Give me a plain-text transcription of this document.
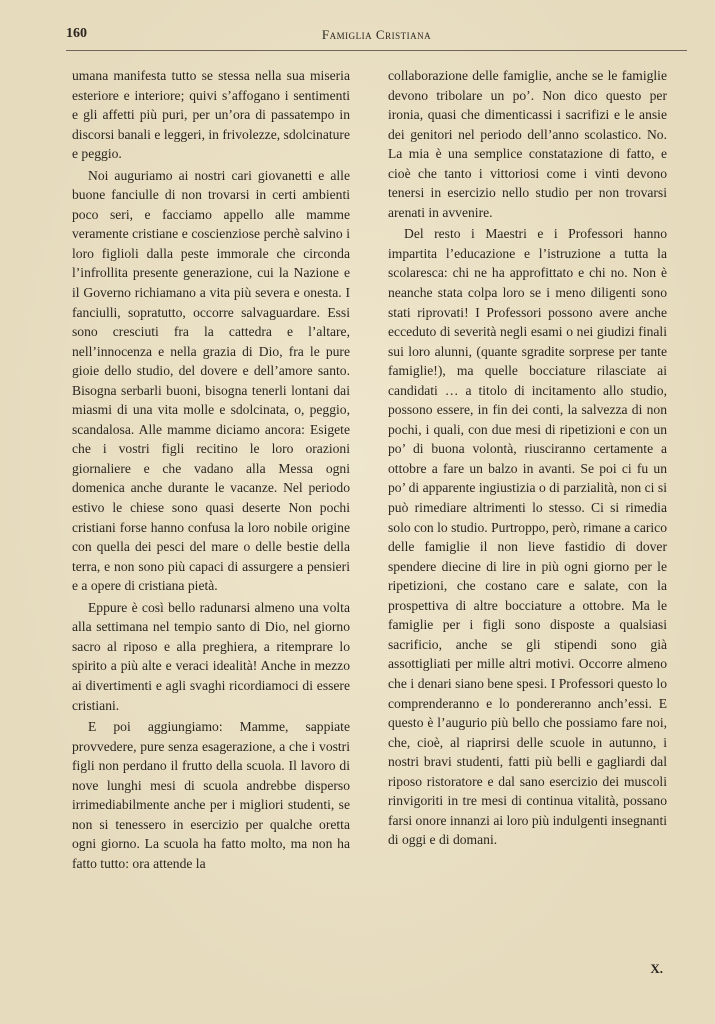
160	Famiglia Cristiana

umana manifesta tutto se stessa nella sua miseria esteriore e interiore; quivi s’affogano i sentimenti e gli affetti più puri, per un’ora di passatempo in discorsi banali e leggeri, in frivolezze, sdolcinature e peggio.

Noi auguriamo ai nostri cari giovanetti e alle buone fanciulle di non trovarsi in certi ambienti poco seri, e facciamo appello alle mamme veramente cristiane e coscienziose perchè salvino i loro figlioli dalla peste immorale che circonda l’infrollita presente generazione, cui la Nazione e il Governo richiamano a vita più severa e onesta. I fanciulli, sopratutto, occorre salvaguardare. Essi sono cresciuti fra la cattedra e l’altare, nell’innocenza e nella grazia di Dio, fra le pure gioie dello studio, del dovere e dell’amore santo. Bisogna serbarli buoni, bisogna tenerli lontani dai miasmi di una vita molle e sdolcinata, o, peggio, scandalosa. Alle mamme diciamo ancora: Esigete che i vostri figli recitino le loro orazioni giornaliere e che vadano alla Messa ogni domenica anche durante le vacanze. Nel periodo estivo le chiese sono quasi deserte Non pochi cristiani forse hanno confusa la loro nobile origine con quella dei pesci del mare o delle bestie della terra, e non sono più capaci di assurgere a pensieri e a opere di cristiana pietà.

Eppure è così bello radunarsi almeno una volta alla settimana nel tempio santo di Dio, nel giorno sacro al riposo e alla preghiera, a ritemprare lo spirito a più alte e veraci idealità! Anche in mezzo ai divertimenti e agli svaghi ricordiamoci di essere cristiani.

E poi aggiungiamo: Mamme, sappiate provvedere, pure senza esagerazione, a che i vostri figli non perdano il frutto della scuola. Il lavoro di nove lunghi mesi di scuola andrebbe disperso irrimediabilmente anche per i migliori studenti, se non si tenessero in esercizio per qualche oretta ogni giorno. La scuola ha fatto molto, ma non ha fatto tutto: ora attende la

collaborazione delle famiglie, anche se le famiglie devono tribolare un po’. Non dico questo per ironia, quasi che dimenticassi i sacrifizi e le ansie dei genitori nel periodo dell’anno scolastico. No. La mia è una semplice constatazione di fatto, e cioè che tanto i vittoriosi come i vinti devono tenersi in esercizio nello studio per non trovarsi arenati in avvenire.

Del resto i Maestri e i Professori hanno impartita l’educazione e l’istruzione a tutta la scolaresca: chi ne ha approfittato e chi no. Non è neanche stata colpa loro se i meno diligenti sono stati riprovati! I Professori possono avere anche ecceduto di severità negli esami o nei giudizi finali sui loro alunni, (quante sgradite sorprese per tante famiglie!), ma quelle bocciature rilasciate ai candidati … a titolo di incitamento allo studio, possono essere, in fin dei conti, la salvezza di non pochi, i quali, con due mesi di ripetizioni e con un po’ di buona volontà, riusciranno certamente a ottobre a fare un balzo in avanti. Se poi ci fu un po’ di apparente ingiustizia o di parzialità, non ci si può rimediare altrimenti lo stesso. Ci si rimedia solo con lo studio. Purtroppo, però, rimane a carico delle famiglie il non lieve fastidio di dover spendere diecine di lire in più ogni giorno per le ripetizioni, che costano care e salate, con la prospettiva di altre bocciature a ottobre. Ma le famiglie per i figli sono disposte a qualsiasi sacrificio, anche se gli stipendi sono già assottigliati per mille altri motivi. Occorre almeno che i denari siano bene spesi. I Professori questo lo comprenderanno e lo pondereranno anch’essi. E questo è l’augurio più bello che possiamo fare noi, che, cioè, al riaprirsi delle scuole in autunno, i nostri bravi studenti, fatti più belli e gagliardi dal riposo ristoratore e dal sano esercizio dei muscoli rinvigoriti in tre mesi di continua vitalità, possano farsi onore innanzi ai loro più indulgenti insegnanti di oggi e di domani.

X.
